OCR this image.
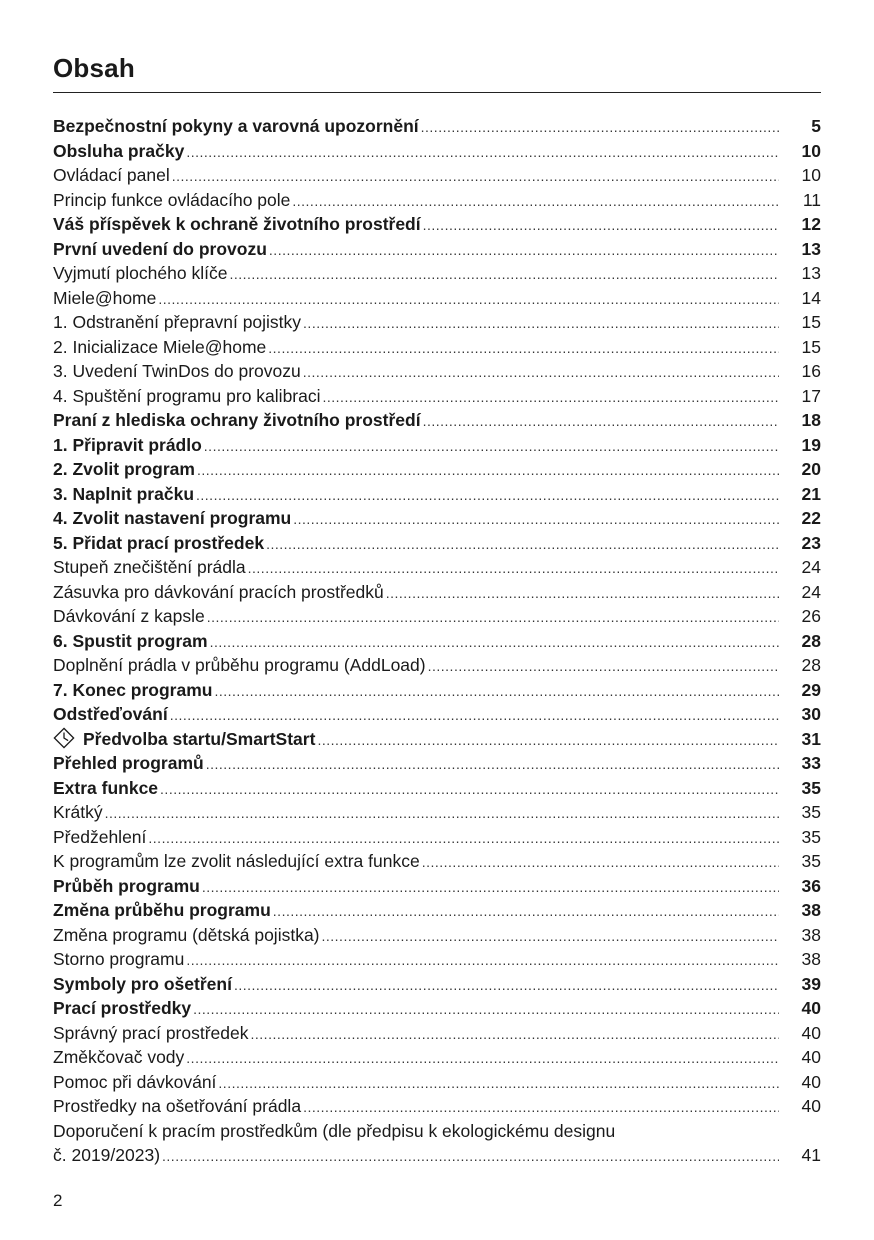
Obsah
Bezpečnostní pokyny a varovná upozornění .....	5
Obsluha pračky .....	10
Ovládací panel .....	10
Princip funkce ovládacího pole .....	11
Váš příspěvek k ochraně životního prostředí .....	12
První uvedení do provozu .....	13
Vyjmutí plochého klíče .....	13
Miele@home .....	14
1. Odstranění přepravní pojistky .....	15
2. Inicializace Miele@home .....	15
3. Uvedení TwinDos do provozu .....	16
4. Spuštění programu pro kalibraci .....	17
Praní z hlediska ochrany životního prostředí .....	18
1. Připravit prádlo .....	19
2. Zvolit program .....	20
3. Naplnit pračku .....	21
4. Zvolit nastavení programu .....	22
5. Přidat prací prostředek .....	23
Stupeň znečištění prádla .....	24
Zásuvka pro dávkování pracích prostředků .....	24
Dávkování z kapsle .....	26
6. Spustit program .....	28
Doplnění prádla v průběhu programu (AddLoad) .....	28
7. Konec programu .....	29
Odstřeďování .....	30
Předvolba startu/SmartStart .....	31
Přehled programů .....	33
Extra funkce .....	35
Krátký .....	35
Předžehlení .....	35
K programům lze zvolit následující extra funkce .....	35
Průběh programu .....	36
Změna průběhu programu .....	38
Změna programu (dětská pojistka) .....	38
Storno programu .....	38
Symboly pro ošetření .....	39
Prací prostředky .....	40
Správný prací prostředek .....	40
Změkčovač vody .....	40
Pomoc při dávkování .....	40
Prostředky na ošetřování prádla .....	40
Doporučení k pracím prostředkům (dle předpisu k ekologickému designu
č. 2019/2023) .....	41
2
